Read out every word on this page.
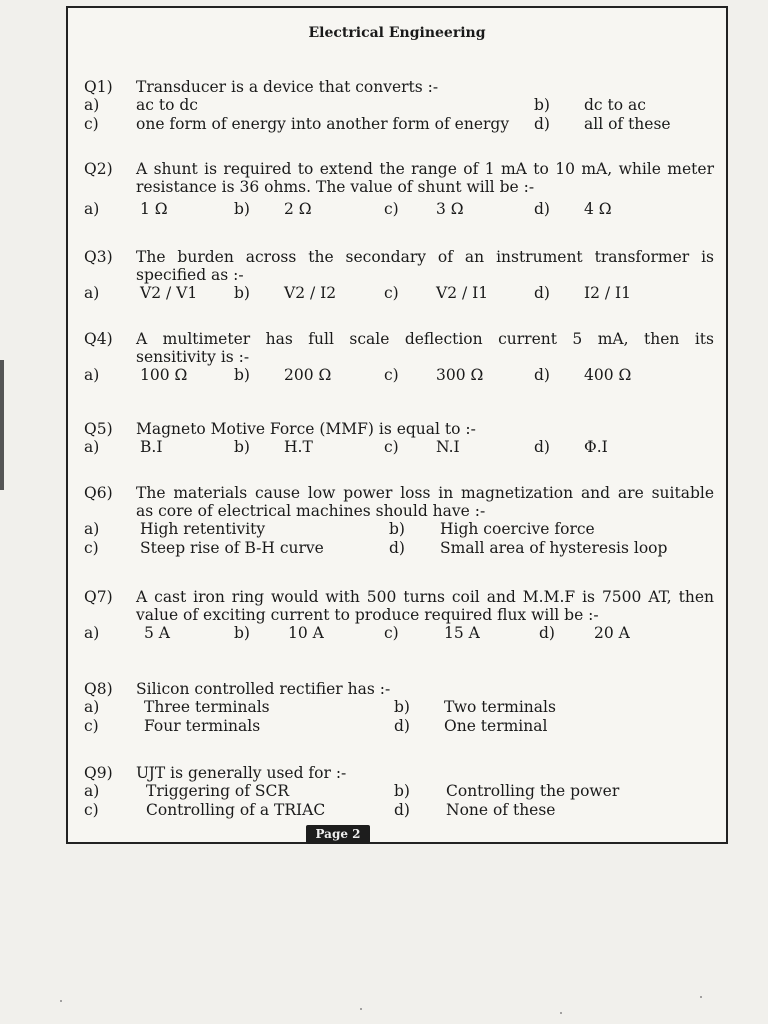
Electrical Engineering
Q1)	Transducer is a device that converts :-
a)	ac to dc	b) dc to ac
c)	one form of energy into another form of energy d) all of these
Q2)	A shunt is required to extend the range of 1 mA to 10 mA, while meter
resistance is 36 ohms. The value of shunt will be :-
a)	1 Ω	b) 2 Ω	c) 3 Ω	d) 4 Ω
Q3)	The burden across the secondary of an instrument transformer is
specified as :-
a)	V2 / V1 b) V2 / I2	c) V2 / I1	d) I2 / I1
Q4)	A multimeter has full scale deflection current 5 mA, then its
sensitivity is :-
a)	100 Ω	b) 200 Ω	c) 300 Ω	d) 400 Ω
Q5)	Magneto Motive Force (MMF) is equal to :-
a)	B.I	b) H.T	c) N.I	d) Φ.I
Q6)	The materials cause low power loss in magnetization and are suitable
as core of electrical machines should have :-
a)	High retentivity	b) High coercive force
c)	Steep rise of B-H curve	d) Small area of hysteresis loop
Q7)	A cast iron ring would with 500 turns coil and M.M.F is 7500 AT, then
value of exciting current to produce required flux will be :-
a)	5 A	b) 10 A	c)	15 A	d)	20 A
Q8)	Silicon controlled rectifier has :-
a)	Three terminals	b) Two terminals
c)	Four terminals	d) One terminal
Q9)	UJT is generally used for :-
a)	Triggering of SCR	b) Controlling the power
c)	Controlling of a TRIAC	d) None of these
Page 2
